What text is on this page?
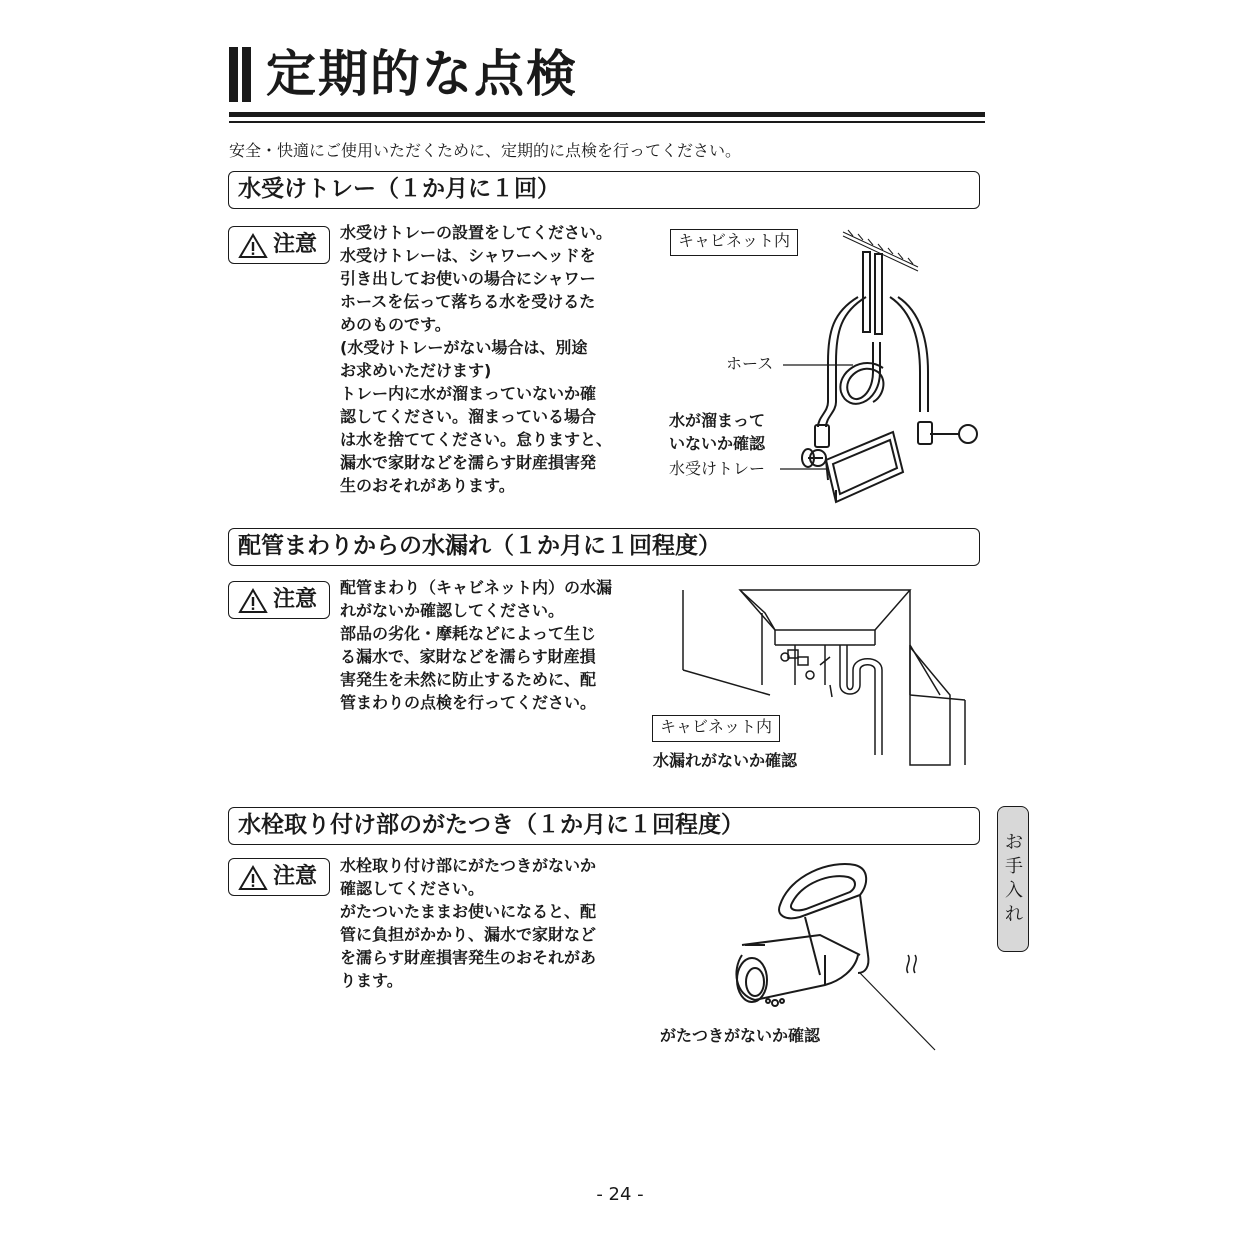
定期的な点検
安全・快適にご使用いただくために、定期的に点検を行ってください。
水受けトレー（１か月に１回）
注意 水受けトレーの設置をしてください。
水受けトレーは、シャワーヘッドを
引き出してお使いの場合にシャワー
ホースを伝って落ちる水を受けるた
めのものです。
(水受けトレーがない場合は、別途
お求めいただけます)
トレー内に水が溜まっていないか確
認してください。溜まっている場合
は水を捨ててください。怠りますと、
漏水で家財などを濡らす財産損害発
生のおそれがあります。
キャビネット内
ホース
水が溜まって
いないか確認
水受けトレー
配管まわりからの水漏れ（１か月に１回程度）
注意 配管まわり（キャビネット内）の水漏
れがないか確認してください。
部品の劣化・摩耗などによって生じ
る漏水で、家財などを濡らす財産損
害発生を未然に防止するために、配
管まわりの点検を行ってください。
キャビネット内
水漏れがないか確認
水栓取り付け部のがたつき（１か月に１回程度）
注意 水栓取り付け部にがたつきがないか
確認してください。
がたついたままお使いになると、配
管に負担がかかり、漏水で家財など
を濡らす財産損害発生のおそれがあ
ります。
がたつきがないか確認
お
手
入
れ
- 24 -
